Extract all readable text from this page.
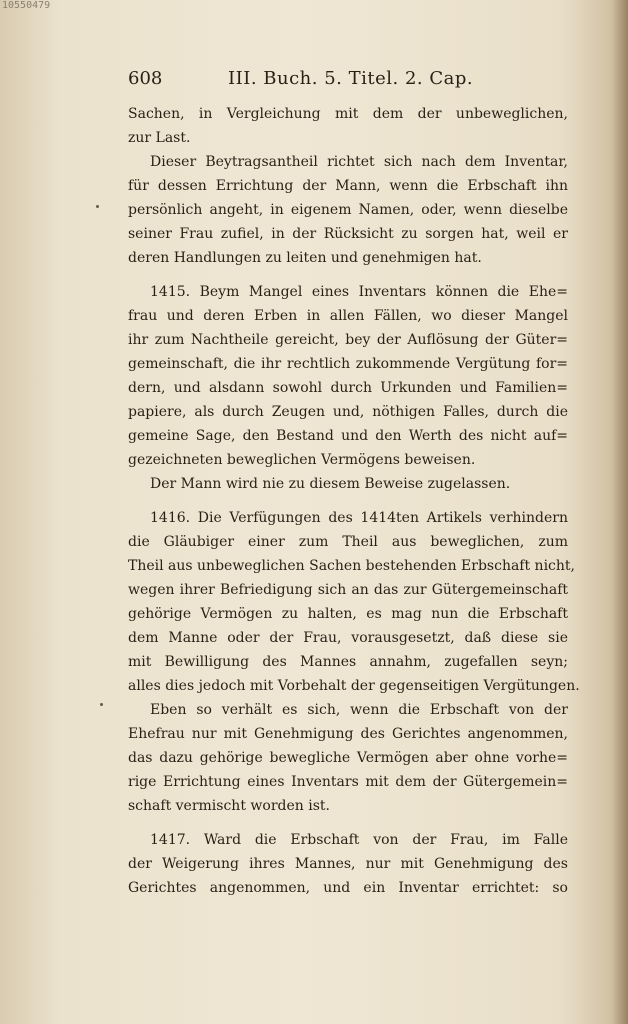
10550479
608	III. Buch. 5. Titel. 2. Cap.
Sachen, in Vergleichung mit dem der unbeweglichen,
zur Last.
Dieser Beytragsantheil richtet sich nach dem Inventar,
für dessen Errichtung der Mann, wenn die Erbschaft ihn
persönlich angeht, in eigenem Namen, oder, wenn dieselbe
seiner Frau zufiel, in der Rücksicht zu sorgen hat, weil er
deren Handlungen zu leiten und genehmigen hat.
1415. Beym Mangel eines Inventars können die Ehe=
frau und deren Erben in allen Fällen, wo dieser Mangel
ihr zum Nachtheile gereicht, bey der Auflösung der Güter=
gemeinschaft, die ihr rechtlich zukommende Vergütung for=
dern, und alsdann sowohl durch Urkunden und Familien=
papiere, als durch Zeugen und, nöthigen Falles, durch die
gemeine Sage, den Bestand und den Werth des nicht auf=
gezeichneten beweglichen Vermögens beweisen.
Der Mann wird nie zu diesem Beweise zugelassen.
1416. Die Verfügungen des 1414ten Artikels verhindern
die Gläubiger einer zum Theil aus beweglichen, zum
Theil aus unbeweglichen Sachen bestehenden Erbschaft nicht,
wegen ihrer Befriedigung sich an das zur Gütergemeinschaft
gehörige Vermögen zu halten, es mag nun die Erbschaft
dem Manne oder der Frau, vorausgesetzt, daß diese sie
mit Bewilligung des Mannes annahm, zugefallen seyn;
alles dies jedoch mit Vorbehalt der gegenseitigen Vergütungen.
Eben so verhält es sich, wenn die Erbschaft von der
Ehefrau nur mit Genehmigung des Gerichtes angenommen,
das dazu gehörige bewegliche Vermögen aber ohne vorhe=
rige Errichtung eines Inventars mit dem der Gütergemein=
schaft vermischt worden ist.
1417. Ward die Erbschaft von der Frau, im Falle
der Weigerung ihres Mannes, nur mit Genehmigung des
Gerichtes angenommen, und ein Inventar errichtet: so
